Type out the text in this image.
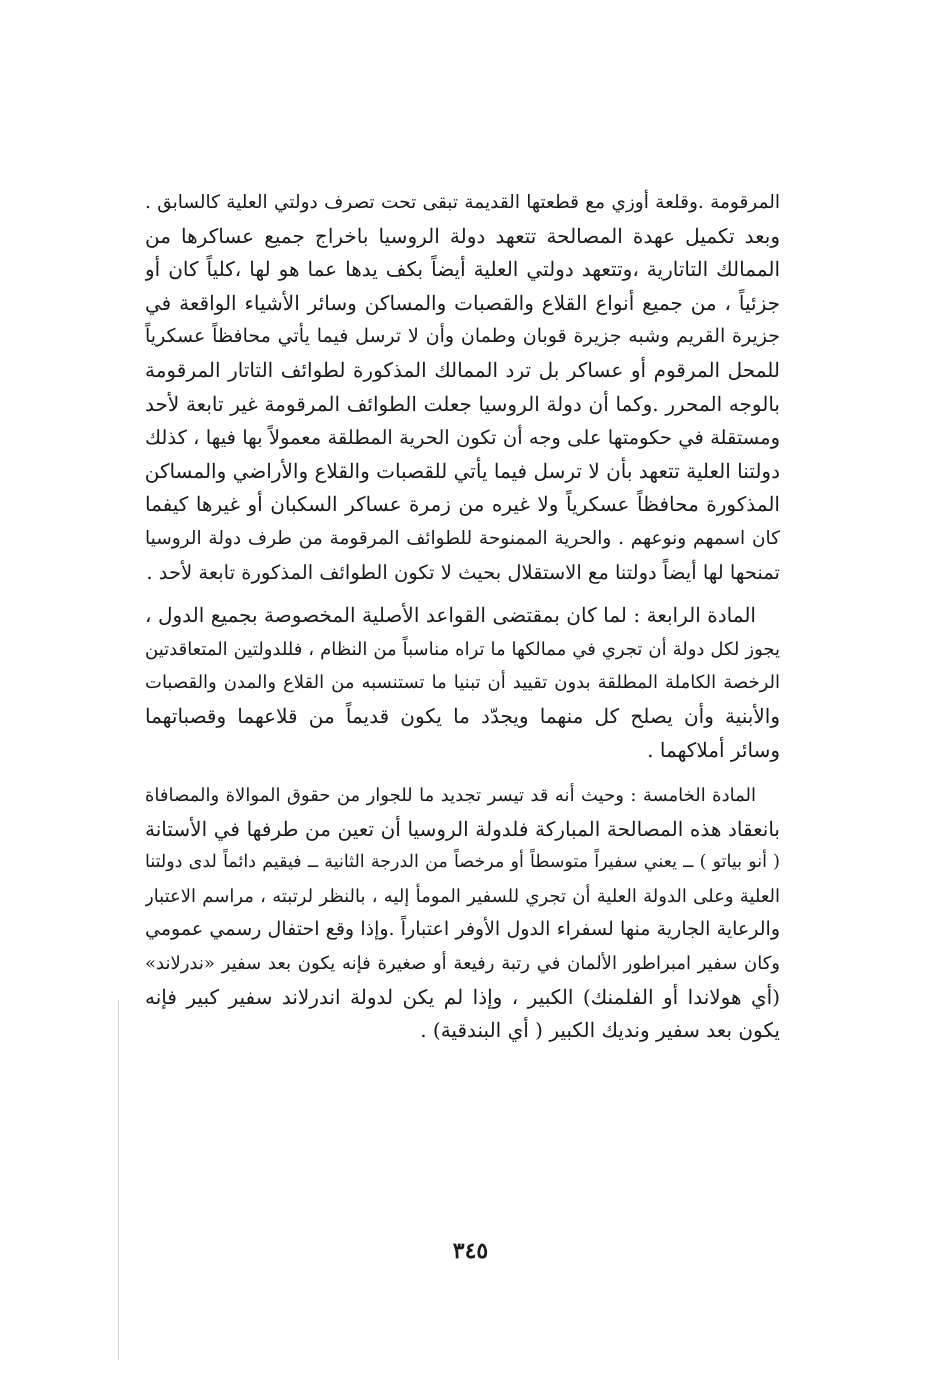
المرقومة .وقلعة أوزي مع قطعتها القديمة تبقى تحت تصرف دولتي العلية كالسابق .
وبعد تكميل عهدة المصالحة تتعهد دولة الروسيا باخراج جميع عساكرها من
الممالك التاتارية ،وتتعهد دولتي العلية أيضاً بكف يدها عما هو لها ،كلياً كان أو
جزئياً ، من جميع أنواع القلاع والقصبات والمساكن وسائر الأشياء الواقعة في
جزيرة القريم وشبه جزيرة قوبان وطمان وأن لا ترسل فيما يأتي محافظاً عسكرياً
للمحل المرقوم أو عساكر بل ترد الممالك المذكورة لطوائف التاتار المرقومة
بالوجه المحرر .وكما أن دولة الروسيا جعلت الطوائف المرقومة غير تابعة لأحد
ومستقلة في حكومتها على وجه أن تكون الحرية المطلقة معمولاً بها فيها ، كذلك
دولتنا العلية تتعهد بأن لا ترسل فيما يأتي للقصبات والقلاع والأراضي والمساكن
المذكورة محافظاً عسكرياً ولا غيره من زمرة عساكر السكبان أو غيرها كيفما
كان اسمهم ونوعهم . والحرية الممنوحة للطوائف المرقومة من طرف دولة الروسيا
تمنحها لها أيضاً دولتنا مع الاستقلال بحيث لا تكون الطوائف المذكورة تابعة لأحد .

المادة الرابعة : لما كان بمقتضى القواعد الأصلية المخصوصة بجميع الدول ،
يجوز لكل دولة أن تجري في ممالكها ما تراه مناسباً من النظام ، فللدولتين المتعاقدتين
الرخصة الكاملة المطلقة بدون تقييد أن تبنيا ما تستنسبه من القلاع والمدن والقصبات
والأبنية وأن يصلح كل منهما ويجدّد ما يكون قديماً من قلاعهما وقصباتهما
وسائر أملاكهما .

المادة الخامسة : وحيث أنه قد تيسر تجديد ما للجوار من حقوق الموالاة والمصافاة
بانعقاد هذه المصالحة المباركة فلدولة الروسيا أن تعين من طرفها في الأستانة
( أنو بياتو ) ــ يعني سفيراً متوسطاً أو مرخصاً من الدرجة الثانية ــ فيقيم دائماً لدى دولتنا
العلية وعلى الدولة العلية أن تجري للسفير المومأ إليه ، بالنظر لرتبته ، مراسم الاعتبار
والرعاية الجارية منها لسفراء الدول الأوفر اعتباراً .وإذا وقع احتفال رسمي عمومي
وكان سفير امبراطور الألمان في رتبة رفيعة أو صغيرة فإنه يكون بعد سفير «ندرلاند»
(أي هولاندا أو الفلمنك) الكبير ، وإذا لم يكن لدولة اندرلاند سفير كبير فإنه
يكون بعد سفير ونديك الكبير ( أي البندقية) .

٣٤٥
